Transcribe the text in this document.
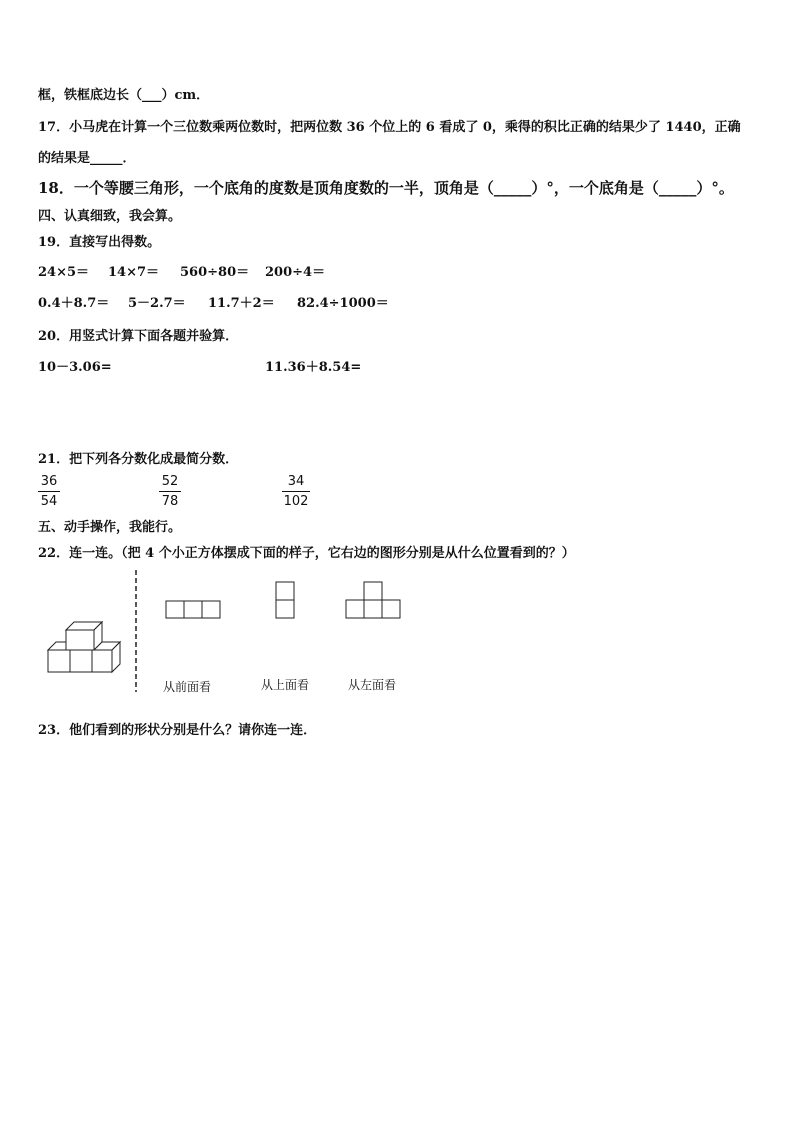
框，铁框底边长（___）cm．
17．小马虎在计算一个三位数乘两位数时，把两位数 36 个位上的 6 看成了 0，乘得的积比正确的结果少了 1440，正确
的结果是_____．
18．一个等腰三角形，一个底角的度数是顶角度数的一半，顶角是（_____）°，一个底角是（_____）°。
四、认真细致，我会算。
19．直接写出得数。
24×5＝ 14×7＝ 560÷80＝ 200÷4＝
0.4＋8.7＝ 5－2.7＝ 11.7＋2＝ 82.4÷1000＝
20．用竖式计算下面各题并验算．
10－3.06=	11.36＋8.54=
21．把下列各分数化成最简分数．
$\frac{36}{54}$	$\frac{52}{78}$	$\frac{34}{102}$
五、动手操作，我能行。
22．连一连。（把 4 个小正方体摆成下面的样子，它右边的图形分别是从什么位置看到的？）
从前面看	从上面看	从左面看
23．他们看到的形状分别是什么？请你连一连．
